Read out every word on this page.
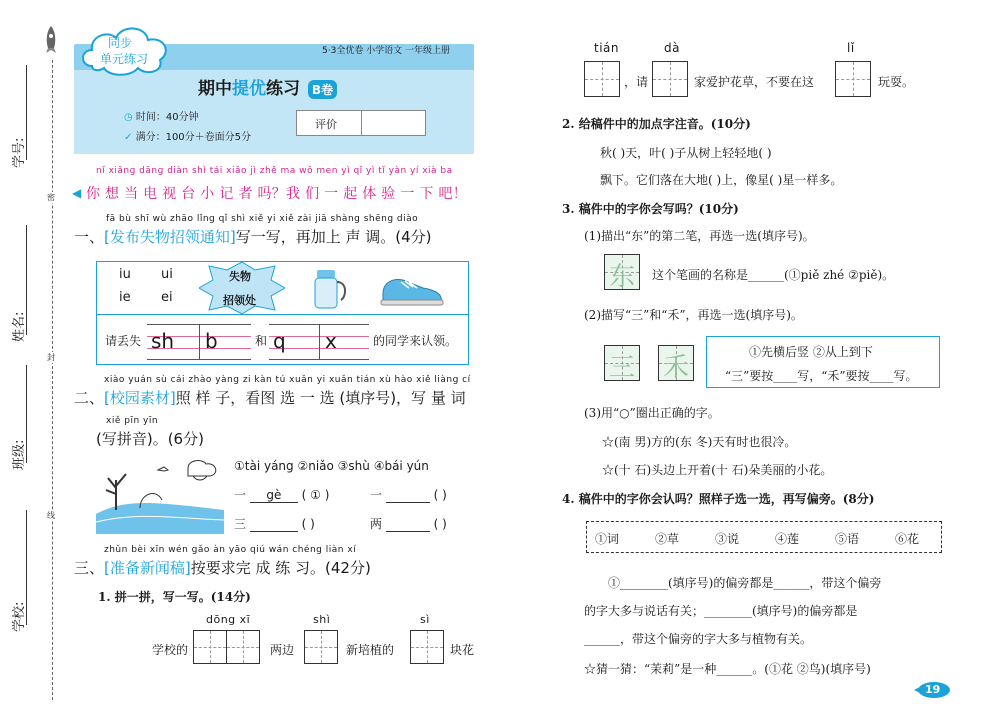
密
封
线
学号:
姓名:
班级:
学校:
同步
单元练习
5·3全优卷 小学语文 一年级上册
期中提优练习 B卷
◷ 时间：40分钟
✓ 满分：100分＋卷面分5分
评价
nǐ xiǎng dāng diàn shì tái xiǎo jì zhě ma wǒ men yì qǐ yì tǐ yàn yí xià ba
◀ 你 想 当 电 视 台 小 记 者 吗？我 们 一 起 体 验 一 下 吧！
fā bù shī wù zhāo lǐng qǐ shì xiě yi xiě zài jiā shàng shēng diào
一、[发布失物招领通知]写一写，再加上 声 调。(4分)
iu ui
ie ei
失物
招领处
请丢失 sh b	和 q x	的同学来认领。
xiào yuán sù cái zhào yàng zi kàn tú xuǎn yi xuǎn tián xù hào xiě liàng cí
二、[校园素材]照 样 子，看图 选 一 选 (填序号)，写 量 词
xiě pīn yīn
(写拼音)。(6分)
①tài yáng ②niǎo ③shù ④bái yún
一 gè ( ① )	一	( )
三	( )	两	( )
zhǔn bèi xīn wén gǎo àn yāo qiú wán chéng liàn xí
三、[准备新闻稿]按要求完 成 练 习。(42分)
1. 拼一拼，写一写。(14分)
dōng xī	shì	sì
学校的	两边	新培植的	块花
tián	dà	lǐ
，请	家爱护花草，不要在这	玩耍。
2. 给稿件中的加点字注音。(10分)
秋( )天，叶( )子从树上轻轻地( )
飘下。它们落在大地( )上，像星( )星一样多。
3. 稿件中的字你会写吗？(10分)
(1)描出“东”的第二笔，再选一选(填序号)。
东 这个笔画的名称是______(①piě zhé ②piě)。
(2)描写“三”和“禾”，再选一选(填序号)。
三 禾
①先横后竖 ②从上到下
“三”要按____写，“禾”要按____写。
(3)用“○”圈出正确的字。
☆(南 男)方的(东 冬)天有时也很冷。
☆(十 石)头边上开着(十 石)朵美丽的小花。
4. 稿件中的字你会认吗？照样子选一选，再写偏旁。(8分)
①词	②草	③说	④莲	⑤语	⑥花
①________(填序号)的偏旁都是______，带这个偏旁
的字大多与说话有关；________(填序号)的偏旁都是
______，带这个偏旁的字大多与植物有关。
☆猜一猜：“茉莉”是一种______。(①花 ②鸟)(填序号)
19
